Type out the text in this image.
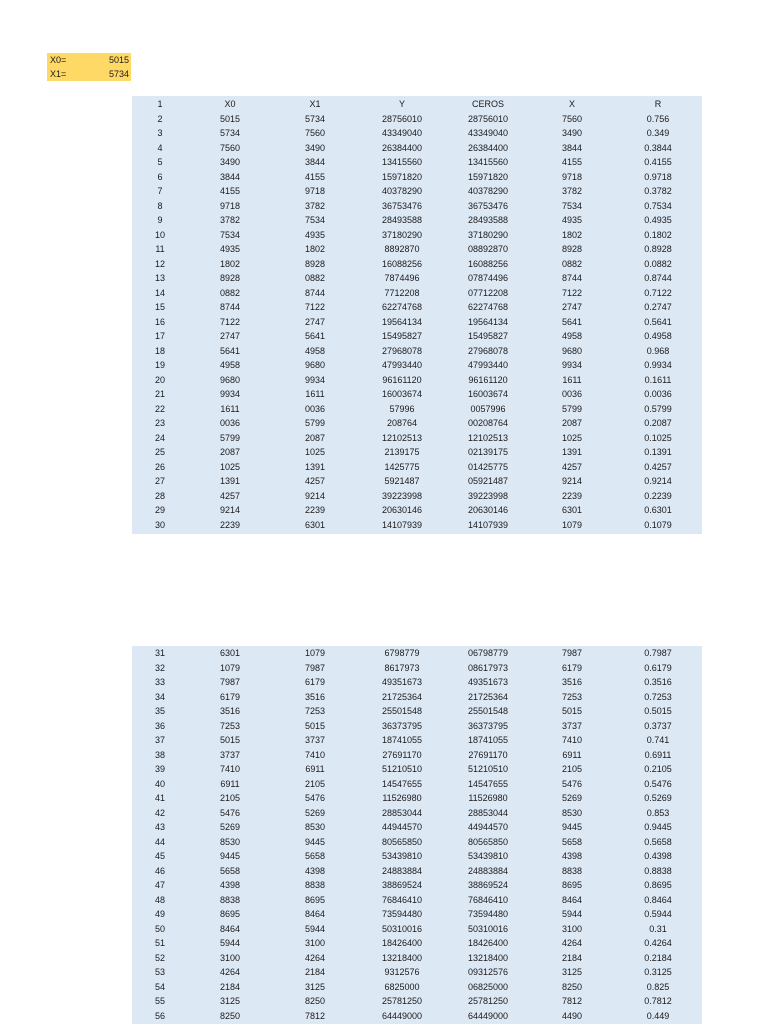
X0=	5015
X1=	5734
1	X0	X1	Y	CEROS	X	R
2	5015	5734	28756010	28756010	7560	0.756
3	5734	7560	43349040	43349040	3490	0.349
4	7560	3490	26384400	26384400	3844	0.3844
5	3490	3844	13415560	13415560	4155	0.4155
6	3844	4155	15971820	15971820	9718	0.9718
7	4155	9718	40378290	40378290	3782	0.3782
8	9718	3782	36753476	36753476	7534	0.7534
9	3782	7534	28493588	28493588	4935	0.4935
10	7534	4935	37180290	37180290	1802	0.1802
11	4935	1802	8892870	08892870	8928	0.8928
12	1802	8928	16088256	16088256	0882	0.0882
13	8928	0882	7874496	07874496	8744	0.8744
14	0882	8744	7712208	07712208	7122	0.7122
15	8744	7122	62274768	62274768	2747	0.2747
16	7122	2747	19564134	19564134	5641	0.5641
17	2747	5641	15495827	15495827	4958	0.4958
18	5641	4958	27968078	27968078	9680	0.968
19	4958	9680	47993440	47993440	9934	0.9934
20	9680	9934	96161120	96161120	1611	0.1611
21	9934	1611	16003674	16003674	0036	0.0036
22	1611	0036	57996	0057996	5799	0.5799
23	0036	5799	208764	00208764	2087	0.2087
24	5799	2087	12102513	12102513	1025	0.1025
25	2087	1025	2139175	02139175	1391	0.1391
26	1025	1391	1425775	01425775	4257	0.4257
27	1391	4257	5921487	05921487	9214	0.9214
28	4257	9214	39223998	39223998	2239	0.2239
29	9214	2239	20630146	20630146	6301	0.6301
30	2239	6301	14107939	14107939	1079	0.1079
31	6301	1079	6798779	06798779	7987	0.7987
32	1079	7987	8617973	08617973	6179	0.6179
33	7987	6179	49351673	49351673	3516	0.3516
34	6179	3516	21725364	21725364	7253	0.7253
35	3516	7253	25501548	25501548	5015	0.5015
36	7253	5015	36373795	36373795	3737	0.3737
37	5015	3737	18741055	18741055	7410	0.741
38	3737	7410	27691170	27691170	6911	0.6911
39	7410	6911	51210510	51210510	2105	0.2105
40	6911	2105	14547655	14547655	5476	0.5476
41	2105	5476	11526980	11526980	5269	0.5269
42	5476	5269	28853044	28853044	8530	0.853
43	5269	8530	44944570	44944570	9445	0.9445
44	8530	9445	80565850	80565850	5658	0.5658
45	9445	5658	53439810	53439810	4398	0.4398
46	5658	4398	24883884	24883884	8838	0.8838
47	4398	8838	38869524	38869524	8695	0.8695
48	8838	8695	76846410	76846410	8464	0.8464
49	8695	8464	73594480	73594480	5944	0.5944
50	8464	5944	50310016	50310016	3100	0.31
51	5944	3100	18426400	18426400	4264	0.4264
52	3100	4264	13218400	13218400	2184	0.2184
53	4264	2184	9312576	09312576	3125	0.3125
54	2184	3125	6825000	06825000	8250	0.825
55	3125	8250	25781250	25781250	7812	0.7812
56	8250	7812	64449000	64449000	4490	0.449
